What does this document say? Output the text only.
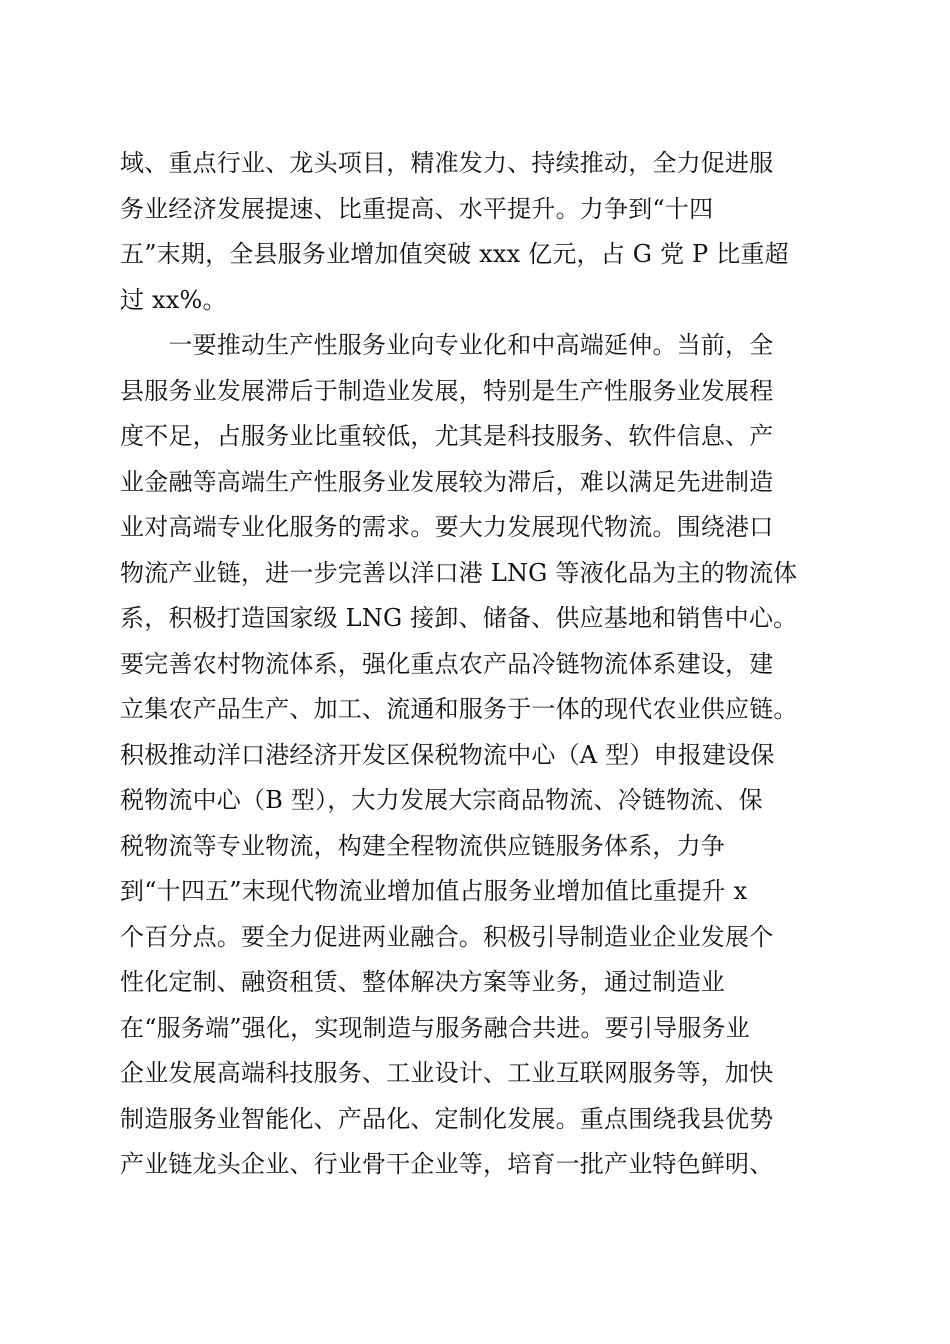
域、重点行业、龙头项目，精准发力、持续推动，全力促进服
务业经济发展提速、比重提高、水平提升。力争到“十四
五”末期，全县服务业增加值突破 xxx 亿元，占 G 党 P 比重超
过 xx%。
　　一要推动生产性服务业向专业化和中高端延伸。当前，全
县服务业发展滞后于制造业发展，特别是生产性服务业发展程
度不足，占服务业比重较低，尤其是科技服务、软件信息、产
业金融等高端生产性服务业发展较为滞后，难以满足先进制造
业对高端专业化服务的需求。要大力发展现代物流。围绕港口
物流产业链，进一步完善以洋口港 LNG 等液化品为主的物流体
系，积极打造国家级 LNG 接卸、储备、供应基地和销售中心。
要完善农村物流体系，强化重点农产品冷链物流体系建设，建
立集农产品生产、加工、流通和服务于一体的现代农业供应链。
积极推动洋口港经济开发区保税物流中心（A 型）申报建设保
税物流中心（B 型），大力发展大宗商品物流、冷链物流、保
税物流等专业物流，构建全程物流供应链服务体系，力争
到“十四五”末现代物流业增加值占服务业增加值比重提升 x
个百分点。要全力促进两业融合。积极引导制造业企业发展个
性化定制、融资租赁、整体解决方案等业务，通过制造业
在“服务端”强化，实现制造与服务融合共进。要引导服务业
企业发展高端科技服务、工业设计、工业互联网服务等，加快
制造服务业智能化、产品化、定制化发展。重点围绕我县优势
产业链龙头企业、行业骨干企业等，培育一批产业特色鲜明、
